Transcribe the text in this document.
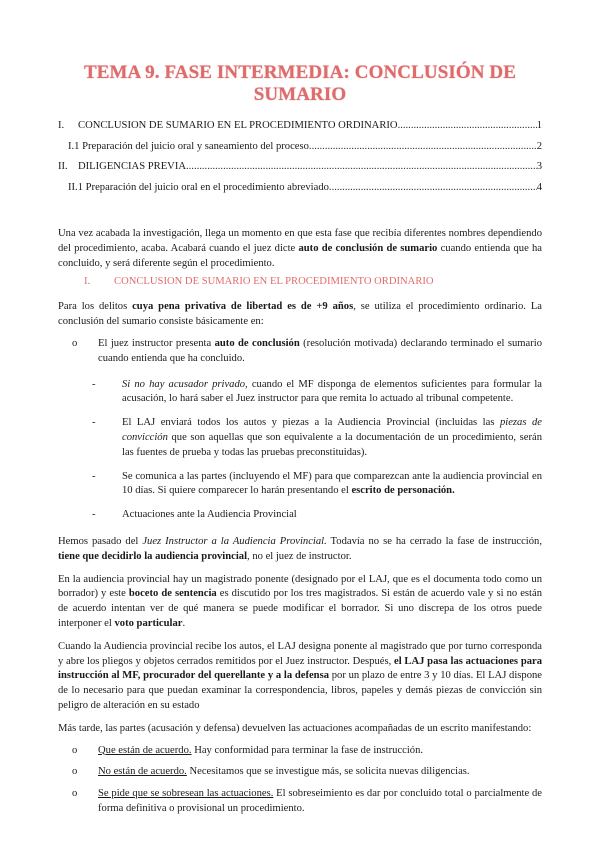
TEMA 9. FASE INTERMEDIA: CONCLUSIÓN DE
SUMARIO
I.	CONCLUSION DE SUMARIO EN EL PROCEDIMIENTO ORDINARIO .....	1
I.1 Preparación del juicio oral y saneamiento del proceso .....	2
II. DILIGENCIAS PREVIA .....	3
II.1 Preparación del juicio oral en el procedimiento abreviado .....	4

Una vez acabada la investigación, llega un momento en que esta fase que recibía diferentes nombres dependiendo del procedimiento, acaba. Acabará cuando el juez dicte auto de conclusión de sumario cuando entienda que ha concluido, y será diferente según el procedimiento.

I.	CONCLUSION DE SUMARIO EN EL PROCEDIMIENTO ORDINARIO

Para los delitos cuya pena privativa de libertad es de +9 años, se utiliza el procedimiento ordinario. La conclusión del sumario consiste básicamente en:

o El juez instructor presenta auto de conclusión (resolución motivada) declarando terminado el sumario cuando entienda que ha concluido.
- Si no hay acusador privado, cuando el MF disponga de elementos suficientes para formular la acusación, lo hará saber el Juez instructor para que remita lo actuado al tribunal competente.
- El LAJ enviará todos los autos y piezas a la Audiencia Provincial (incluidas las piezas de convicción que son aquellas que son equivalente a la documentación de un procedimiento, serán las fuentes de prueba y todas las pruebas preconstituidas).
- Se comunica a las partes (incluyendo el MF) para que comparezcan ante la audiencia provincial en 10 días. Si quiere comparecer lo harán presentando el escrito de personación.
- Actuaciones ante la Audiencia Provincial

Hemos pasado del Juez Instructor a la Audiencia Provincial. Todavía no se ha cerrado la fase de instrucción, tiene que decidirlo la audiencia provincial, no el juez de instructor.

En la audiencia provincial hay un magistrado ponente (designado por el LAJ, que es el documenta todo como un borrador) y este boceto de sentencia es discutido por los tres magistrados. Si están de acuerdo vale y si no están de acuerdo intentan ver de qué manera se puede modificar el borrador. Si uno discrepa de los otros puede interponer el voto particular.

Cuando la Audiencia provincial recibe los autos, el LAJ designa ponente al magistrado que por turno corresponda y abre los pliegos y objetos cerrados remitidos por el Juez instructor. Después, el LAJ pasa las actuaciones para instrucción al MF, procurador del querellante y a la defensa por un plazo de entre 3 y 10 días. El LAJ dispone de lo necesario para que puedan examinar la correspondencia, libros, papeles y demás piezas de convicción sin peligro de alteración en su estado

Más tarde, las partes (acusación y defensa) devuelven las actuaciones acompañadas de un escrito manifestando:

o Que están de acuerdo. Hay conformidad para terminar la fase de instrucción.
o No están de acuerdo. Necesitamos que se investigue más, se solicita nuevas diligencias.
o Se pide que se sobresean las actuaciones. El sobreseimiento es dar por concluido total o parcialmente de forma definitiva o provisional un procedimiento.
